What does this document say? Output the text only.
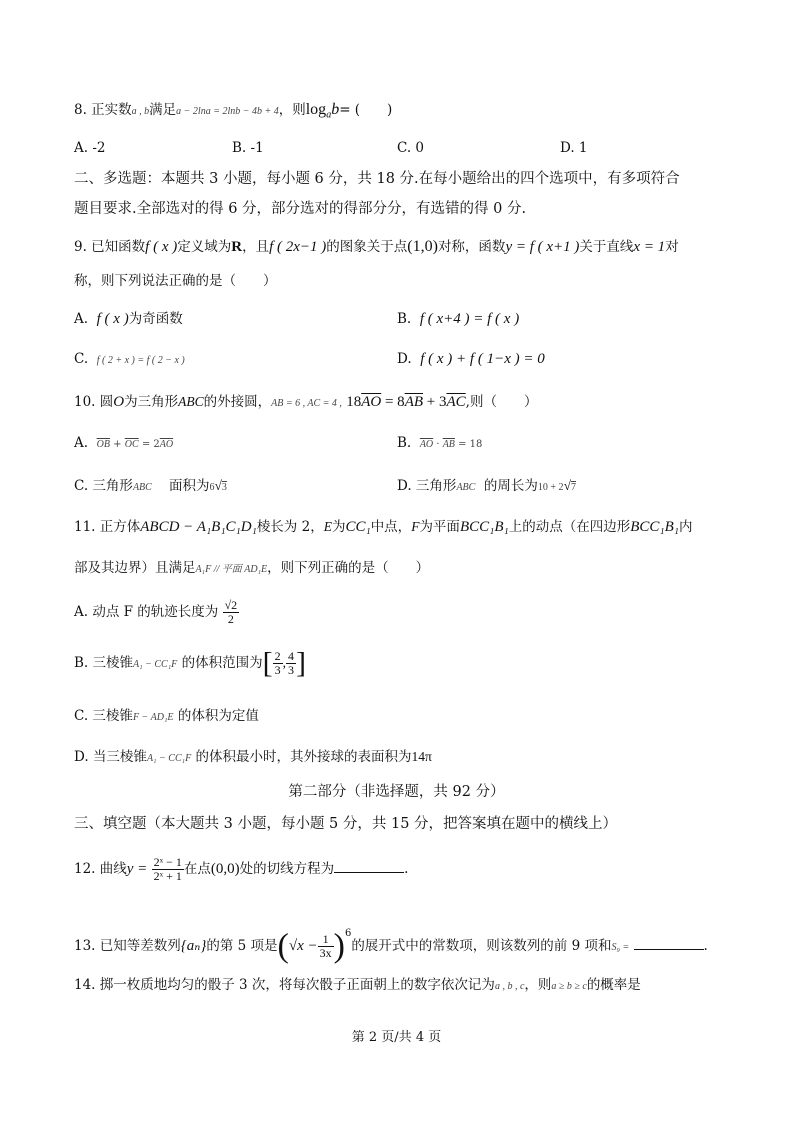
8. 正实数a , b满足a − 2lna = 2lnb − 4b + 4，则$\log_ab=$ (　　)
A. -2	B. -1	C. 0	D. 1
二、多选题：本题共 3 小题，每小题 6 分，共 18 分.在每小题给出的四个选项中，有多项符合
题目要求.全部选对的得 6 分，部分选对的得部分分，有选错的得 0 分.
9. 已知函数f ( x )定义域为R，且f ( 2x−1 )的图象关于点(1,0)对称，函数y = f ( x+1 )关于直线x = 1对
称，则下列说法正确的是（　　）
A. f ( x )为奇函数	B. f ( x+4 ) = f ( x )
C. f ( 2 + x ) = f ( 2 − x )	D. f ( x ) + f ( 1−x ) = 0
10. 圆O为三角形ABC的外接圆，AB = 6 , AC = 4 , $18\overline{AO} = 8\overline{AB} + 3\overline{AC}$,则（　　）
A. $\overline{OB} + \overline{OC} = 2\overline{AO}$	B. $\overline{AO} \cdot \overline{AB} = 18$
C. 三角形ABC 面积为6√3	D. 三角形ABC 的周长为10 + 2√7
11. 正方体ABCD − A₁B₁C₁D₁棱长为 2，E为CC₁中点，F为平面BCC₁B₁上的动点（在四边形BCC₁B₁内
部及其边界）且满足A₁F // 平面 AD₁E，则下列正确的是（　　）
A. 动点 F 的轨迹长度为 $\frac{√2}{2}$
B. 三棱锥A₁ − CC₁F 的体积范围为[ $\frac{2}{3}$ , $\frac{4}{3}$ ]
C. 三棱锥F − AD₁E 的体积为定值
D. 当三棱锥A₁ − CC₁F 的体积最小时，其外接球的表面积为14π
第二部分（非选择题，共 92 分）
三、填空题（本大题共 3 小题，每小题 5 分，共 15 分，把答案填在题中的横线上）
12. 曲线$y = \frac{\text{2ˣ − 1}}{\text{2ˣ + 1}}$ 在点(0,0)处的切线方程为	.
13. 已知等差数列{aₙ}的第 5 项是$(√x - \frac{1}{3x} )^6$的展开式中的常数项，则该数列的前 9 项和S₉ =	.
14. 掷一枚质地均匀的骰子 3 次，将每次骰子正面朝上的数字依次记为a , b , c，则a ≥ b ≥ c的概率是
第 2 页/共 4 页
